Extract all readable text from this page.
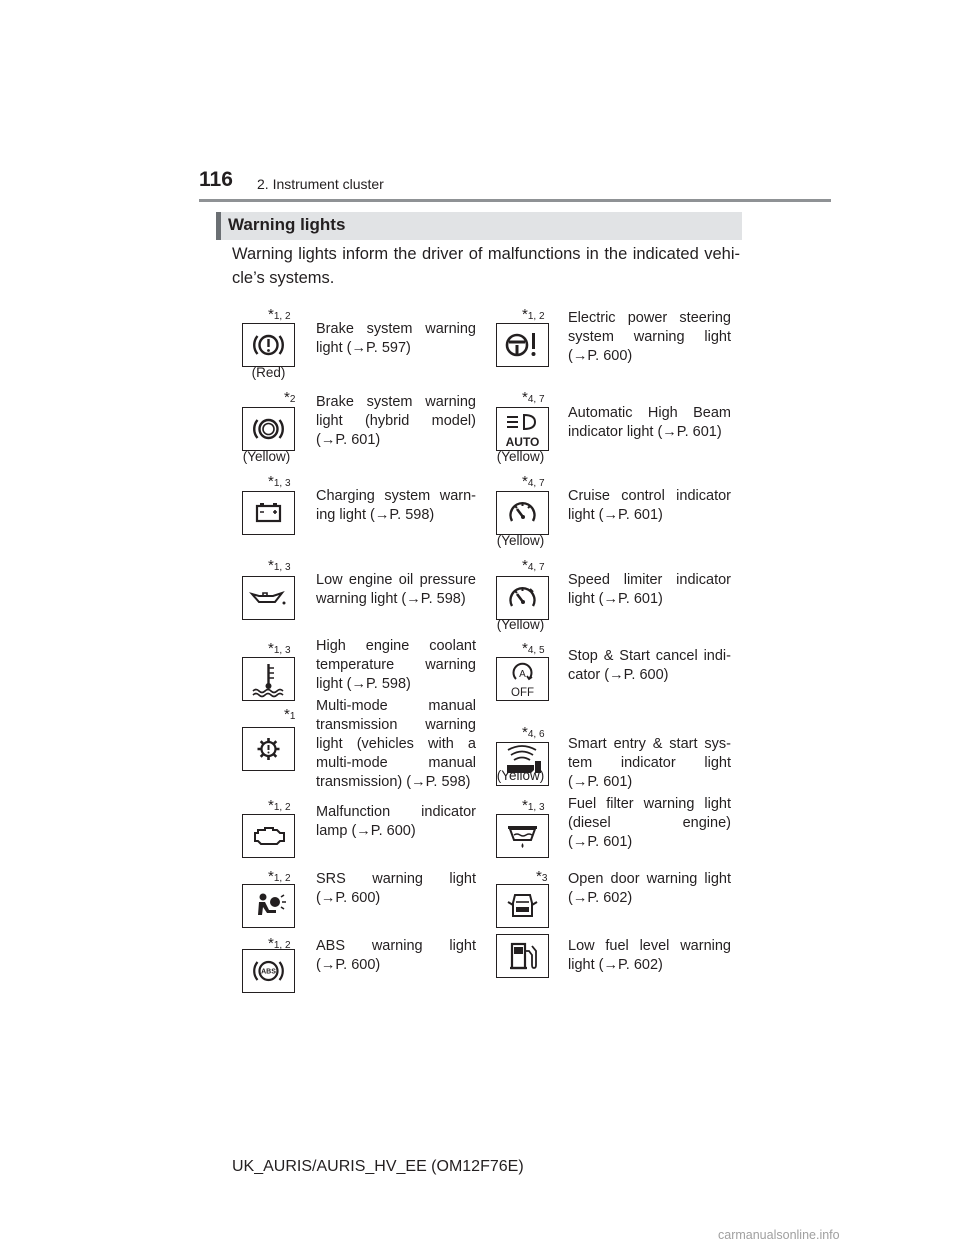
116 2. Instrument cluster
Warning lights
Warning lights inform the driver of malfunctions in the indicated vehi-cle’s systems.
*1, 2
(Red)
Brake system warning light (→P. 597)
*2
(Yellow)
Brake system warning light (hybrid model) (→P. 601)
*1, 3
Charging system warn-ing light (→P. 598)
*1, 3
Low engine oil pressure warning light (→P. 598)
*1, 3 High engine coolant temperature warning light (→P. 598)
*1
Multi-mode manual transmission warning light (vehicles with a multi-mode manual transmission) (→P. 598)
*1, 2 Malfunction indicator lamp (→P. 600)
*1, 2 SRS warning light (→P. 600)
*1, 2
ABS
ABS warning light (→P. 600)
*1, 2 Electric power steering system warning light (→P. 600)
*4, 7
AUTO
(Yellow)
Automatic High Beam indicator light (→P. 601)
*4, 7
(Yellow)
Cruise control indicator light (→P. 601)
*4, 7
(Yellow)
Speed limiter indicator light (→P. 601)
*4, 5
A
OFF
Stop & Start cancel indi-cator (→P. 600)
*4, 6
(Yellow)
Smart entry & start sys-tem indicator light (→P. 601)
*1, 3 Fuel filter warning light (diesel engine) (→P. 601)
*3 Open door warning light (→P. 602)
Low fuel level warning light (→P. 602)
UK_AURIS/AURIS_HV_EE (OM12F76E)
carmanualsonline.info
